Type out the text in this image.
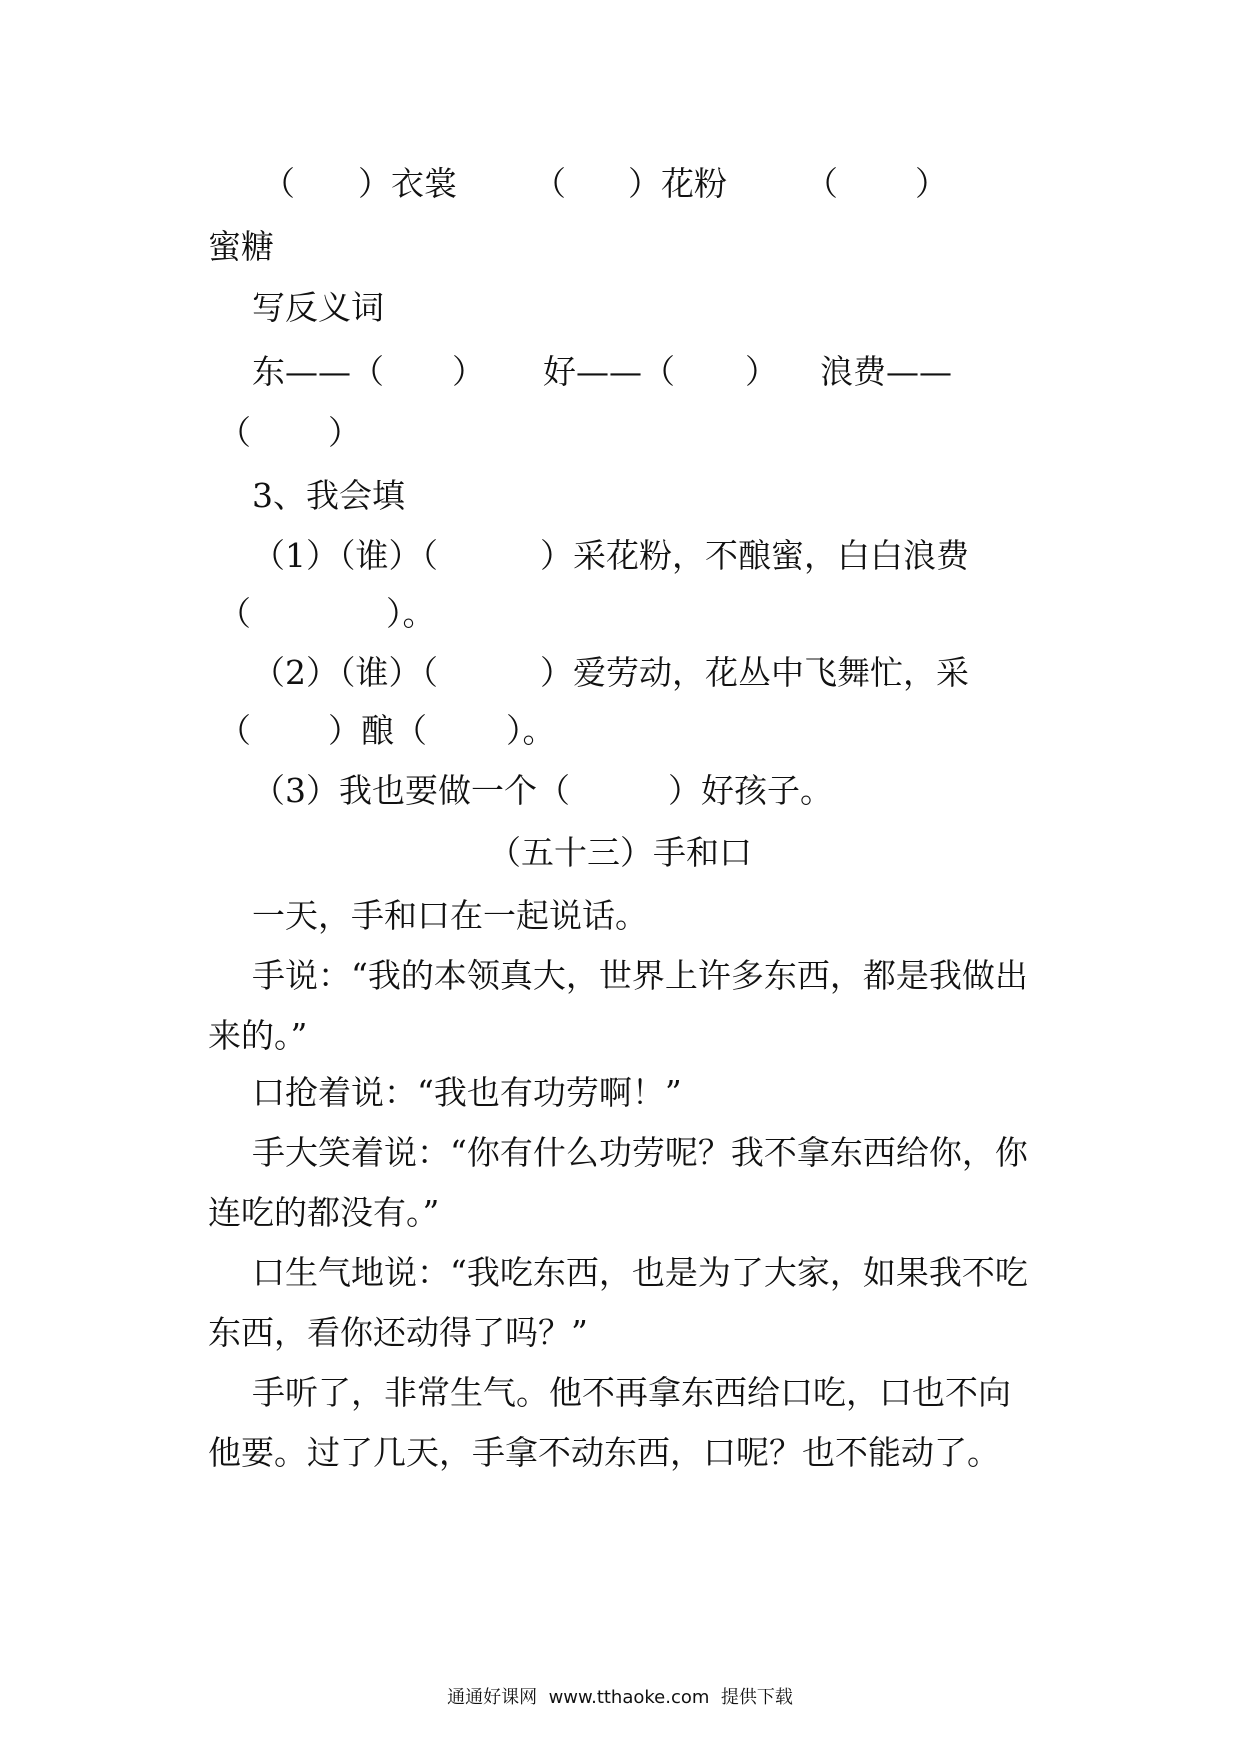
（ ）衣裳 （ ）花粉 （ ）
蜜糖
写反义词
东——（ ） 好——（ ） 浪费——
（ ）
3、我会填
（1）（谁）（	）采花粉，不酿蜜，白白浪费
（	）。
（2）（谁）（	）爱劳动，花丛中飞舞忙，采
（ ）酿（ ）。
（3）我也要做一个（	）好孩子。
（五十三）手和口
一天，手和口在一起说话。
手说：“我的本领真大，世界上许多东西，都是我做出
来的。”
口抢着说：“我也有功劳啊！”
手大笑着说：“你有什么功劳呢？我不拿东西给你，你
连吃的都没有。”
口生气地说：“我吃东西，也是为了大家，如果我不吃
东西，看你还动得了吗？”
手听了，非常生气。他不再拿东西给口吃，口也不向
他要。过了几天，手拿不动东西，口呢？也不能动了。
通通好课网  www.tthaoke.com  提供下载
